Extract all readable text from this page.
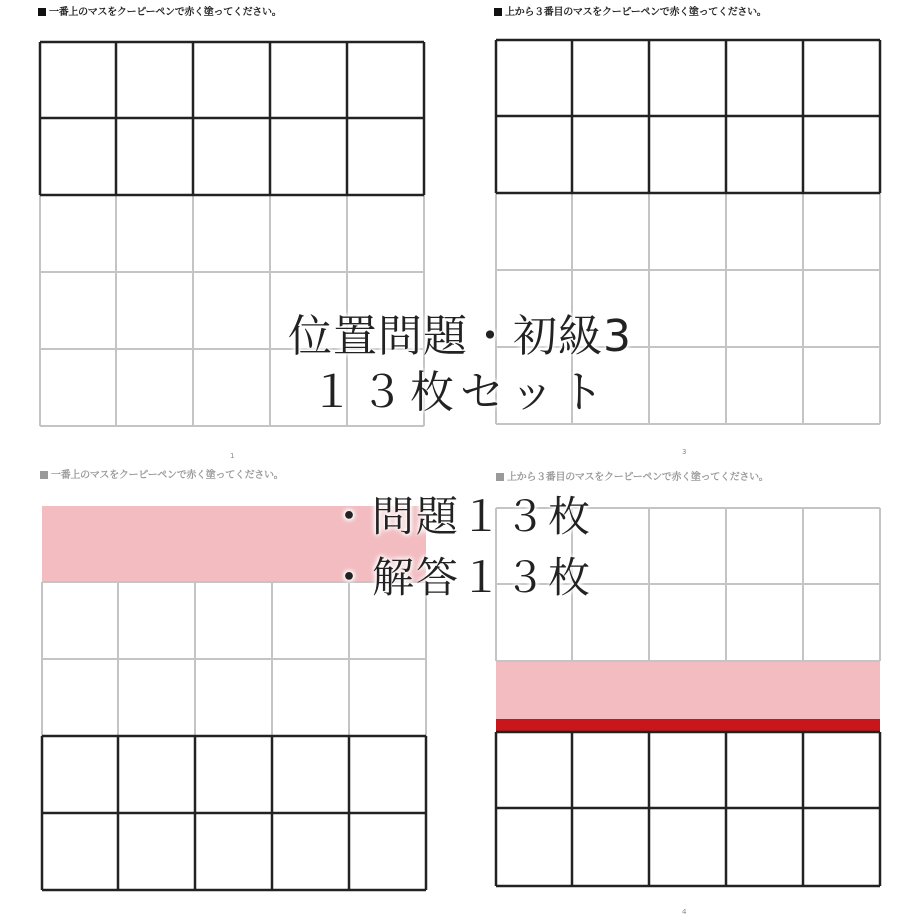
一番上のマスをクーピーペンで赤く塗ってください。
1
上から３番目のマスをクーピーペンで赤く塗ってください。
3
一番上のマスをクーピーペンで赤く塗ってください。	上から３番目のマスをクーピーペンで赤く塗ってください。
4
位置問題・初級3
１３枚セット
・問題１３枚
・解答１３枚
